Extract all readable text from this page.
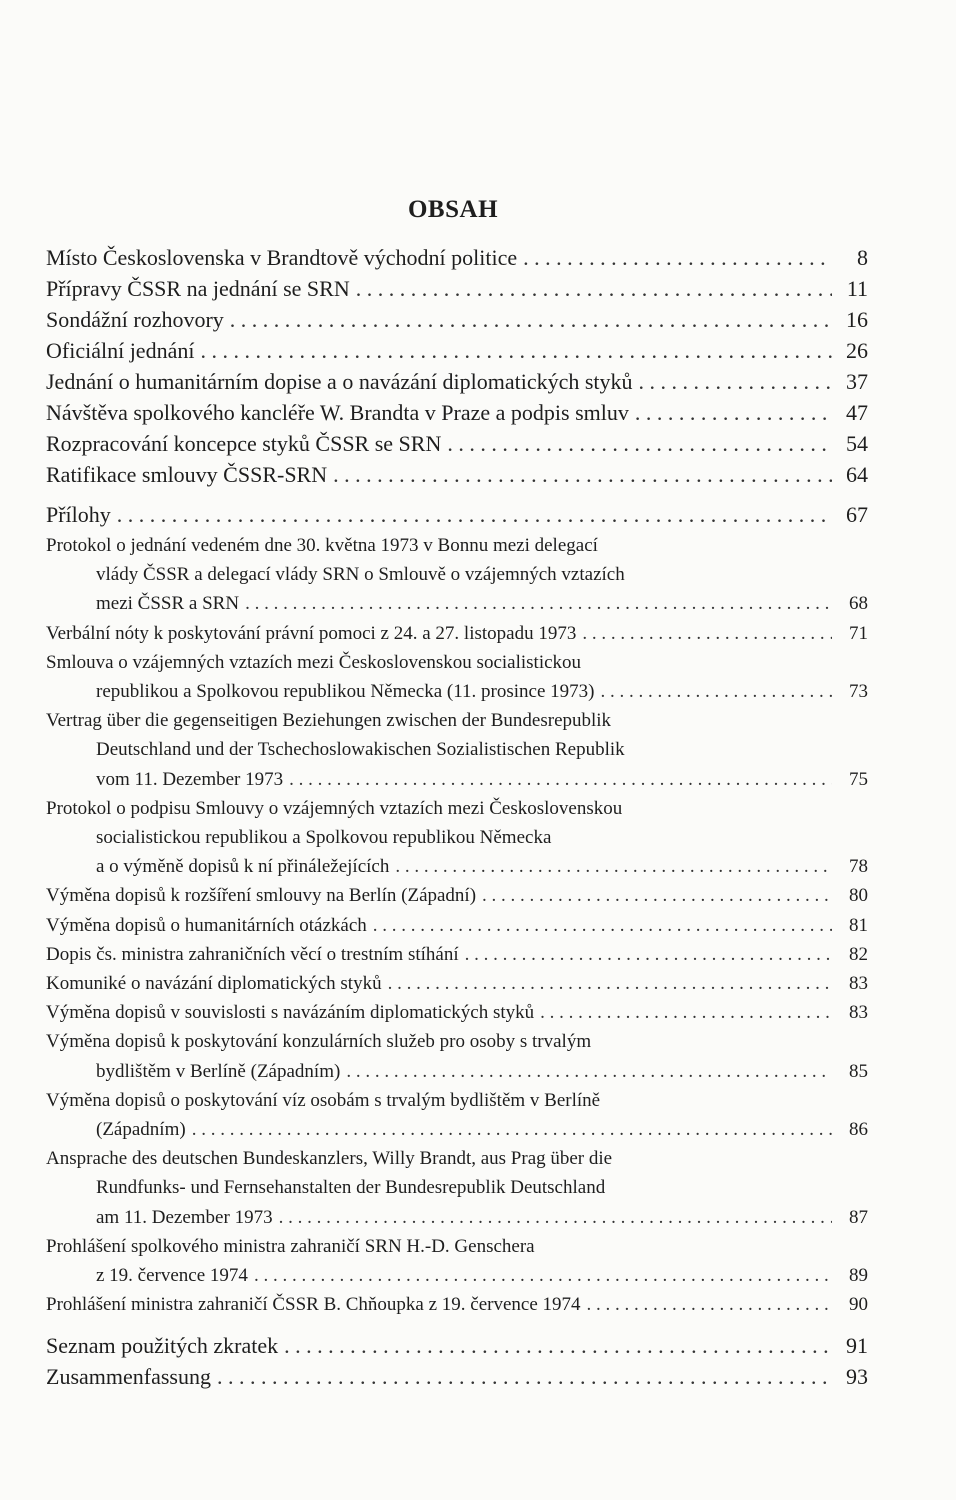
OBSAH
Místo Československa v Brandtově východní politice . . .	8
Přípravy ČSSR na jednání se SRN . . .	11
Sondážní rozhovory . . .	16
Oficiální jednání . . .	26
Jednání o humanitárním dopise a o navázání diplomatických styků . . .	37
Návštěva spolkového kancléře W. Brandta v Praze a podpis smluv . . .	47
Rozpracování koncepce styků ČSSR se SRN . . .	54
Ratifikace smlouvy ČSSR-SRN . . .	64
Přílohy . . .	67
Protokol o jednání vedeném dne 30. května 1973 v Bonnu mezi delegací
vlády ČSSR a delegací vlády SRN o Smlouvě o vzájemných vztazích
mezi ČSSR a SRN . . .	68
Verbální nóty k poskytování právní pomoci z 24. a 27. listopadu 1973 . . .	71
Smlouva o vzájemných vztazích mezi Československou socialistickou
republikou a Spolkovou republikou Německa (11. prosince 1973) . . .	73
Vertrag über die gegenseitigen Beziehungen zwischen der Bundesrepublik
Deutschland und der Tschechoslowakischen Sozialistischen Republik
vom 11. Dezember 1973 . . .	75
Protokol o podpisu Smlouvy o vzájemných vztazích mezi Československou
socialistickou republikou a Spolkovou republikou Německa
a o výměně dopisů k ní přináležejících . . .	78
Výměna dopisů k rozšíření smlouvy na Berlín (Západní) . . .	80
Výměna dopisů o humanitárních otázkách . . .	81
Dopis čs. ministra zahraničních věcí o trestním stíhání . . .	82
Komuniké o navázání diplomatických styků . . .	83
Výměna dopisů v souvislosti s navázáním diplomatických styků . . .	83
Výměna dopisů k poskytování konzulárních služeb pro osoby s trvalým
bydlištěm v Berlíně (Západním) . . .	85
Výměna dopisů o poskytování víz osobám s trvalým bydlištěm v Berlíně
(Západním) . . .	86
Ansprache des deutschen Bundeskanzlers, Willy Brandt, aus Prag über die
Rundfunks- und Fernsehanstalten der Bundesrepublik Deutschland
am 11. Dezember 1973 . . .	87
Prohlášení spolkového ministra zahraničí SRN H.-D. Genschera
z 19. července 1974 . . .	89
Prohlášení ministra zahraničí ČSSR B. Chňoupka z 19. července 1974 . . .	90
Seznam použitých zkratek . . .	91
Zusammenfassung . . .	93
